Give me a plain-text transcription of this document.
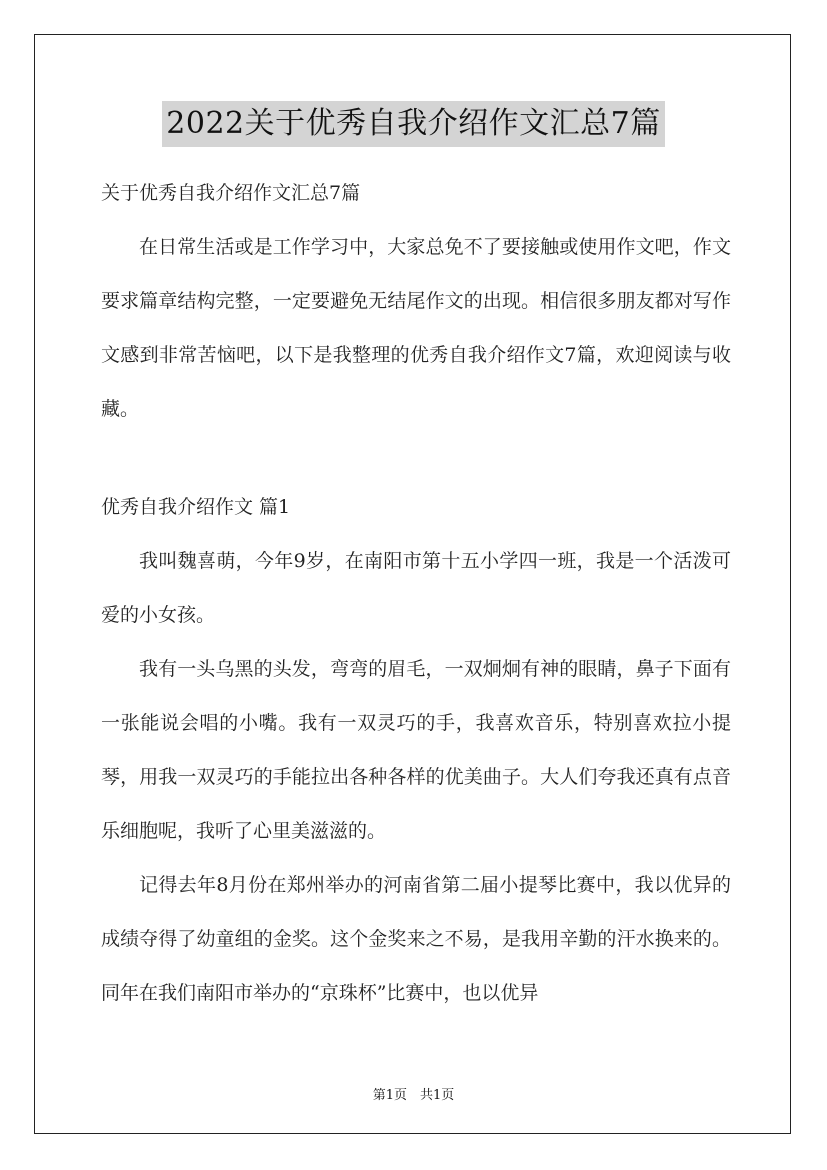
2022关于优秀自我介绍作文汇总7篇

关于优秀自我介绍作文汇总7篇

在日常生活或是工作学习中，大家总免不了要接触或使用作文吧，作文要求篇章结构完整，一定要避免无结尾作文的出现。相信很多朋友都对写作文感到非常苦恼吧，以下是我整理的优秀自我介绍作文7篇，欢迎阅读与收藏。

优秀自我介绍作文 篇1

我叫魏喜萌，今年9岁，在南阳市第十五小学四一班，我是一个活泼可爱的小女孩。

我有一头乌黑的头发，弯弯的眉毛，一双炯炯有神的眼睛，鼻子下面有一张能说会唱的小嘴。我有一双灵巧的手，我喜欢音乐，特别喜欢拉小提琴，用我一双灵巧的手能拉出各种各样的优美曲子。大人们夸我还真有点音乐细胞呢，我听了心里美滋滋的。

记得去年8月份在郑州举办的河南省第二届小提琴比赛中，我以优异的成绩夺得了幼童组的金奖。这个金奖来之不易，是我用辛勤的汗水换来的。同年在我们南阳市举办的“京珠杯”比赛中，也以优异

第1页　共1页
